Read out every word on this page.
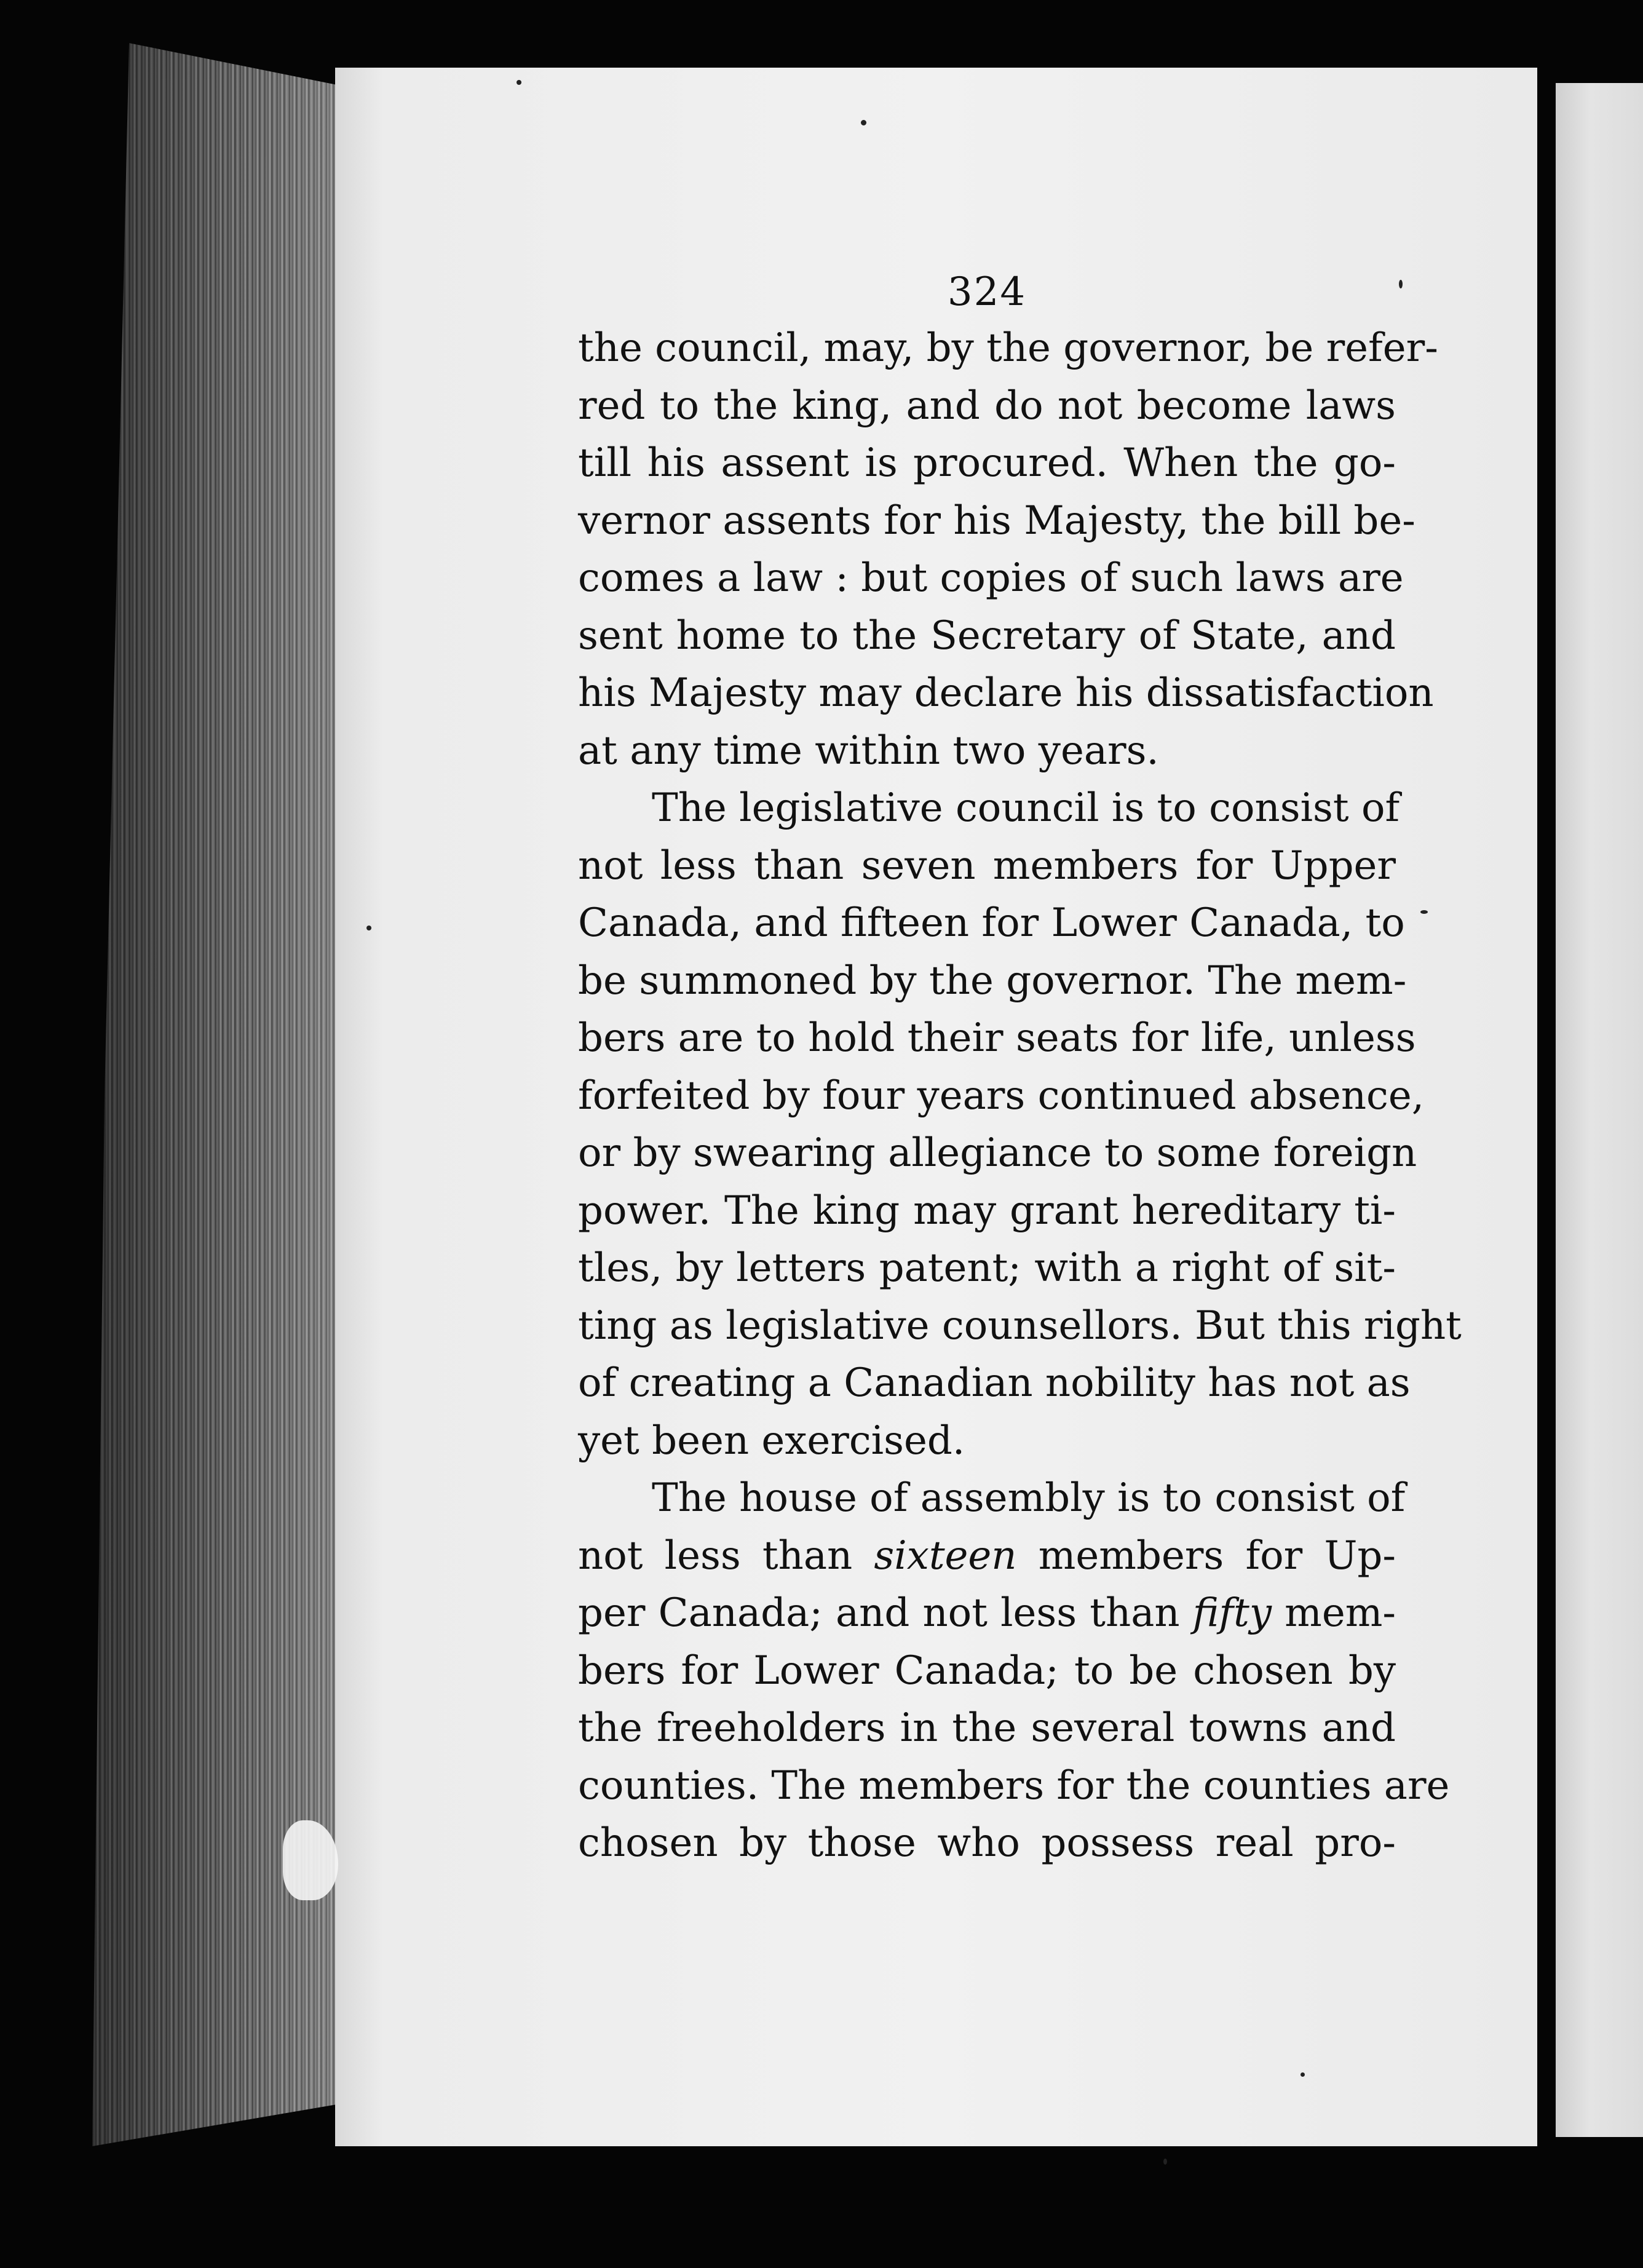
324

the council, may, by the governor, be refer-
red to the king, and do not become laws
till his assent is procured. When the go-
vernor assents for his Majesty, the bill be-
comes a law : but copies of such laws are
sent home to the Secretary of State, and
his Majesty may declare his dissatisfaction
at any time within two years.

The legislative council is to consist of
not less than seven members for Upper
Canada, and fifteen for Lower Canada, to
be summoned by the governor. The mem-
bers are to hold their seats for life, unless
forfeited by four years continued absence,
or by swearing allegiance to some foreign
power. The king may grant hereditary ti-
tles, by letters patent; with a right of sit-
ting as legislative counsellors. But this right
of creating a Canadian nobility has not as
yet been exercised.

The house of assembly is to consist of
not less than sixteen members for Up-
per Canada; and not less than fifty mem-
bers for Lower Canada; to be chosen by
the freeholders in the several towns and
counties. The members for the counties are
chosen by those who possess real pro-
